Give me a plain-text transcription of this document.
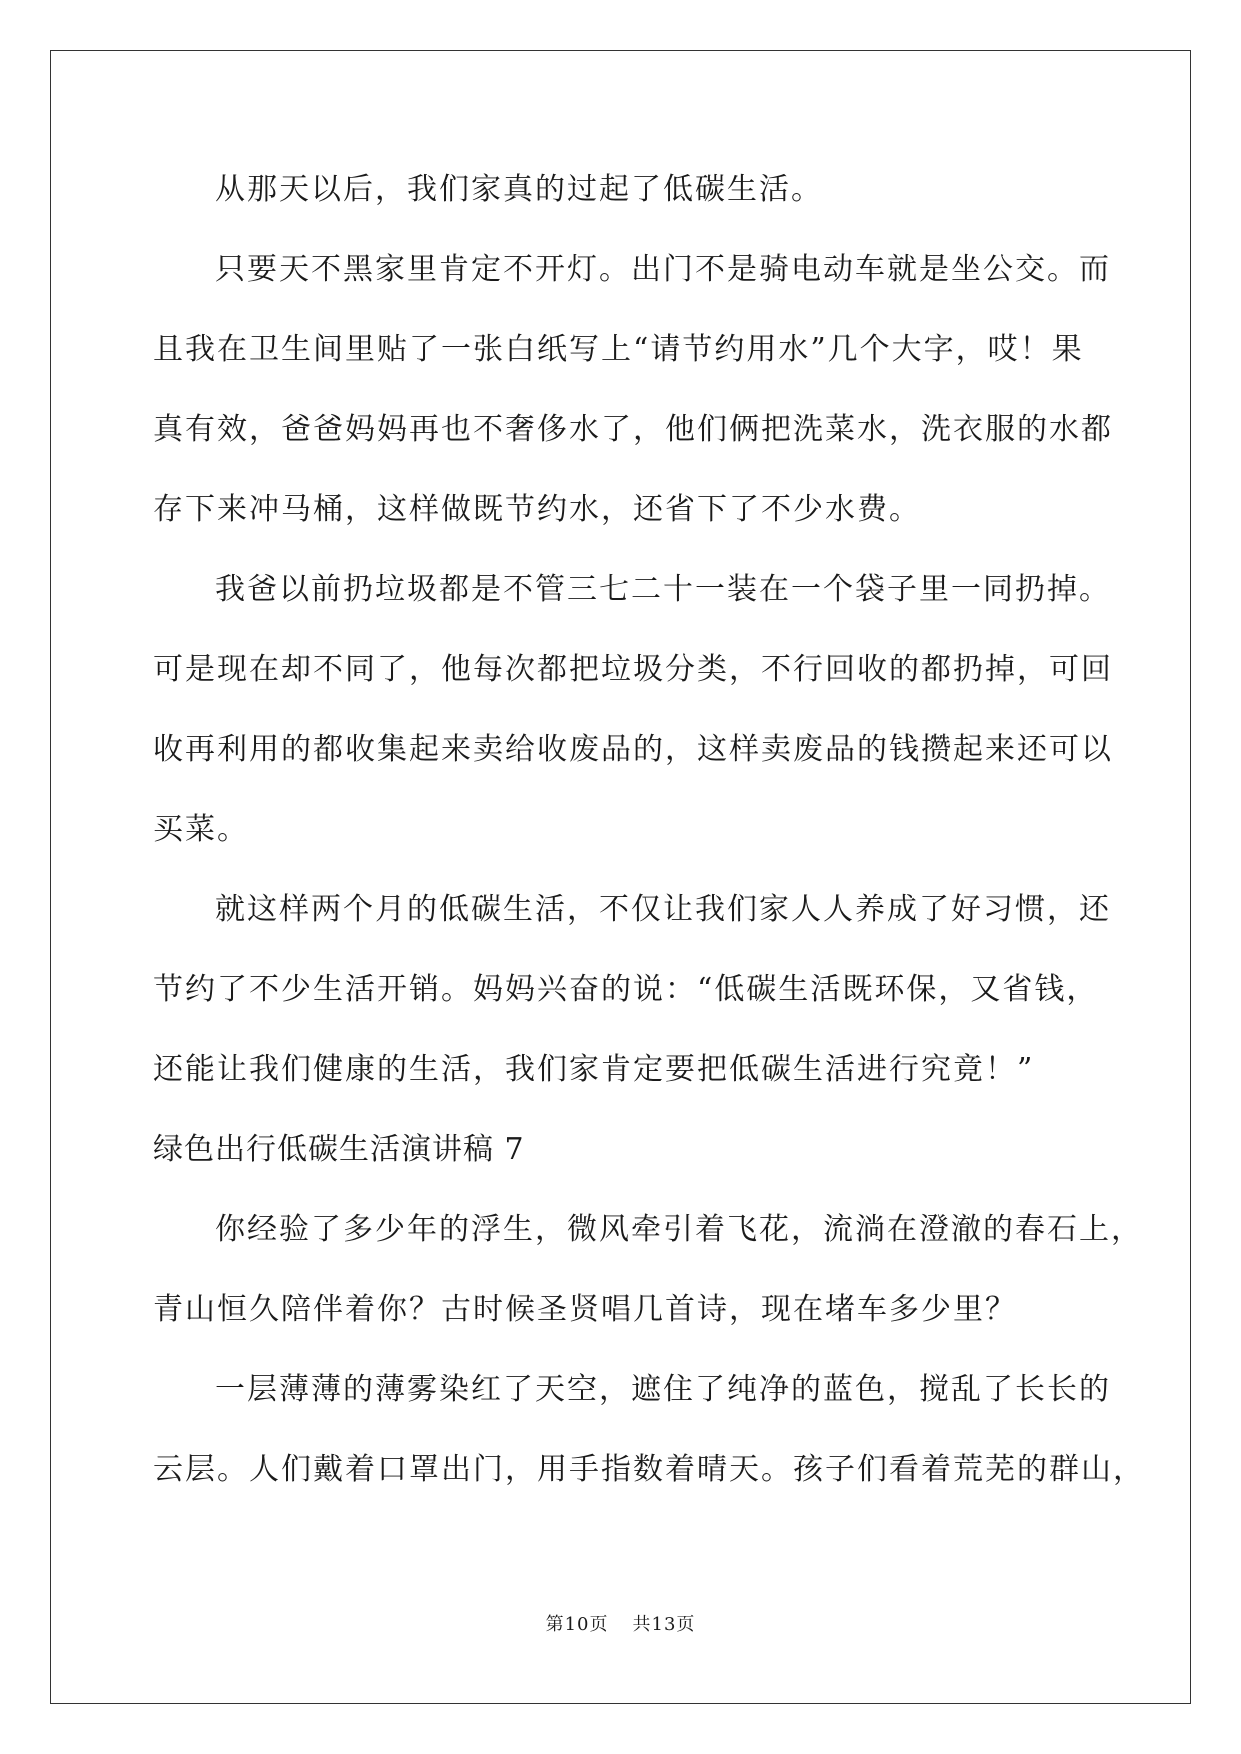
从那天以后，我们家真的过起了低碳生活。
只要天不黑家里肯定不开灯。出门不是骑电动车就是坐公交。而
且我在卫生间里贴了一张白纸写上“请节约用水”几个大字，哎！果
真有效，爸爸妈妈再也不奢侈水了，他们俩把洗菜水，洗衣服的水都
存下来冲马桶，这样做既节约水，还省下了不少水费。
我爸以前扔垃圾都是不管三七二十一装在一个袋子里一同扔掉。
可是现在却不同了，他每次都把垃圾分类，不行回收的都扔掉，可回
收再利用的都收集起来卖给收废品的，这样卖废品的钱攒起来还可以
买菜。
就这样两个月的低碳生活，不仅让我们家人人养成了好习惯，还
节约了不少生活开销。妈妈兴奋的说：“低碳生活既环保，又省钱，
还能让我们健康的生活，我们家肯定要把低碳生活进行究竟！”
绿色出行低碳生活演讲稿 7
你经验了多少年的浮生，微风牵引着飞花，流淌在澄澈的春石上，
青山恒久陪伴着你？古时候圣贤唱几首诗，现在堵车多少里？
一层薄薄的薄雾染红了天空，遮住了纯净的蓝色，搅乱了长长的
云层。人们戴着口罩出门，用手指数着晴天。孩子们看着荒芜的群山，
第10页 共13页
